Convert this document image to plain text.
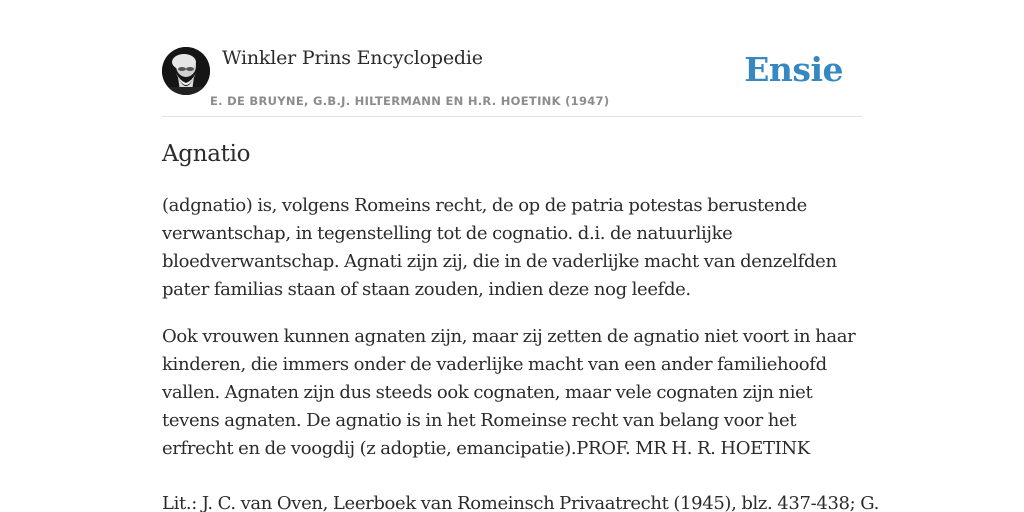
Winkler Prins Encyclopedie
E. DE BRUYNE, G.B.J. HILTERMANN EN H.R. HOETINK (1947)
Ensie
Agnatio

(adgnatio) is, volgens Romeins recht, de op de patria potestas berustende verwantschap, in tegenstelling tot de cognatio. d.i. de natuurlijke bloedverwantschap. Agnati zijn zij, die in de vaderlijke macht van denzelfden pater familias staan of staan zouden, indien deze nog leefde.

Ook vrouwen kunnen agnaten zijn, maar zij zetten de agnatio niet voort in haar kinderen, die immers onder de vaderlijke macht van een ander familiehoofd vallen. Agnaten zijn dus steeds ook cognaten, maar vele cognaten zijn niet tevens agnaten. De agnatio is in het Romeinse recht van belang voor het erfrecht en de voogdij (z adoptie, emancipatie).PROF. MR H. R. HOETINK

Lit.: J. C. van Oven, Leerboek van Romeinsch Privaatrecht (1945), blz. 437-438; G.
